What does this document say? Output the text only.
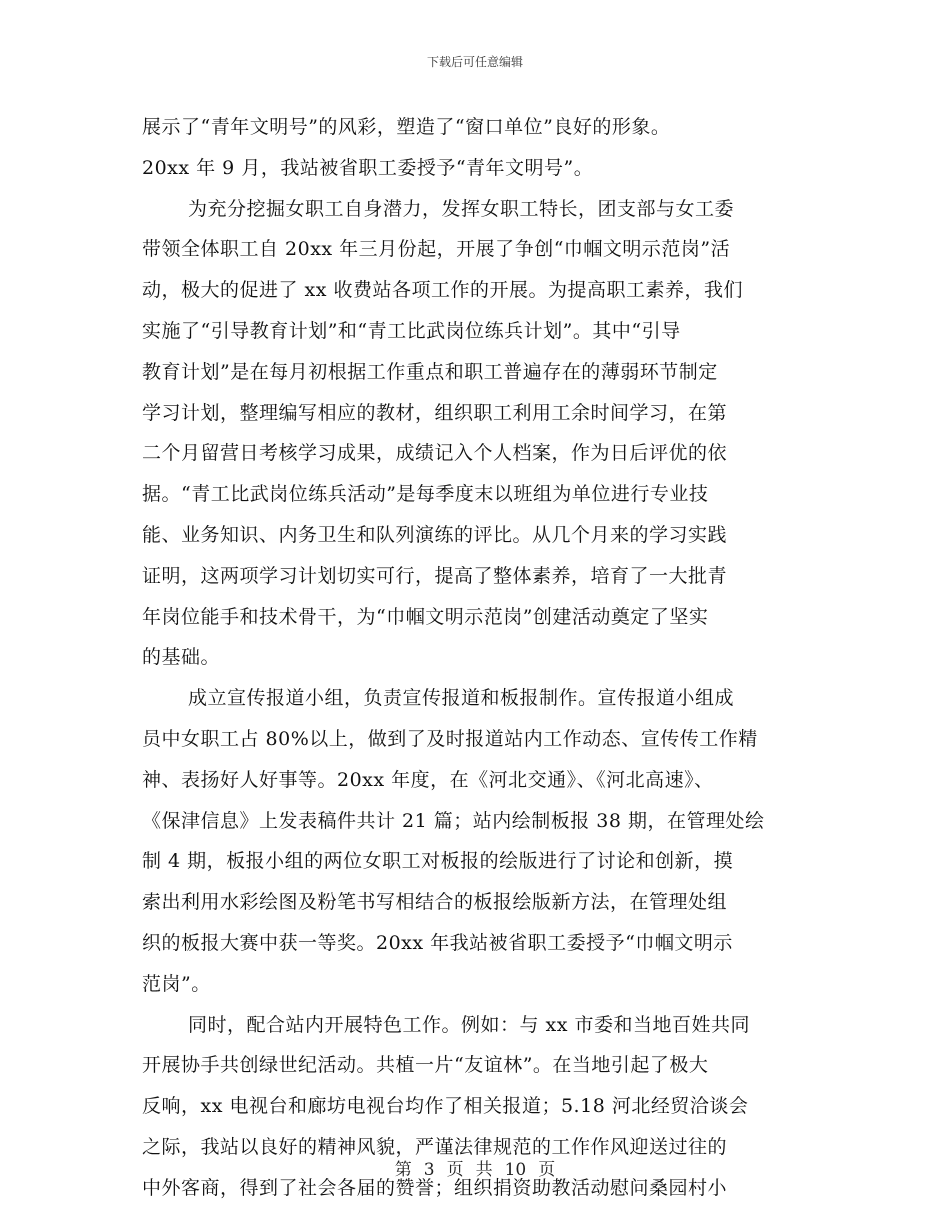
下载后可任意编辑
展示了“青年文明号”的风彩，塑造了“窗口单位”良好的形象。
20xx 年 9 月，我站被省职工委授予“青年文明号”。
为充分挖掘女职工自身潜力，发挥女职工特长，团支部与女工委
带领全体职工自 20xx 年三月份起，开展了争创“巾帼文明示范岗”活
动，极大的促进了 xx 收费站各项工作的开展。为提高职工素养，我们
实施了“引导教育计划”和“青工比武岗位练兵计划”。其中“引导
教育计划”是在每月初根据工作重点和职工普遍存在的薄弱环节制定
学习计划，整理编写相应的教材，组织职工利用工余时间学习，在第
二个月留营日考核学习成果，成绩记入个人档案，作为日后评优的依
据。“青工比武岗位练兵活动”是每季度末以班组为单位进行专业技
能、业务知识、内务卫生和队列演练的评比。从几个月来的学习实践
证明，这两项学习计划切实可行，提高了整体素养，培育了一大批青
年岗位能手和技术骨干，为“巾帼文明示范岗”创建活动奠定了坚实
的基础。
成立宣传报道小组，负责宣传报道和板报制作。宣传报道小组成
员中女职工占 80%以上，做到了及时报道站内工作动态、宣传传工作精
神、表扬好人好事等。20xx 年度，在《河北交通》、《河北高速》、
《保津信息》上发表稿件共计 21 篇；站内绘制板报 38 期，在管理处绘
制 4 期，板报小组的两位女职工对板报的绘版进行了讨论和创新，摸
索出利用水彩绘图及粉笔书写相结合的板报绘版新方法，在管理处组
织的板报大赛中获一等奖。20xx 年我站被省职工委授予“巾帼文明示
范岗”。
同时，配合站内开展特色工作。例如：与 xx 市委和当地百姓共同
开展协手共创绿世纪活动。共植一片“友谊林”。在当地引起了极大
反响，xx 电视台和廊坊电视台均作了相关报道；5.18 河北经贸洽谈会
之际，我站以良好的精神风貌，严谨法律规范的工作作风迎送过往的
中外客商，得到了社会各届的赞誉；组织捐资助教活动慰问桑园村小
第 3 页 共 10 页
